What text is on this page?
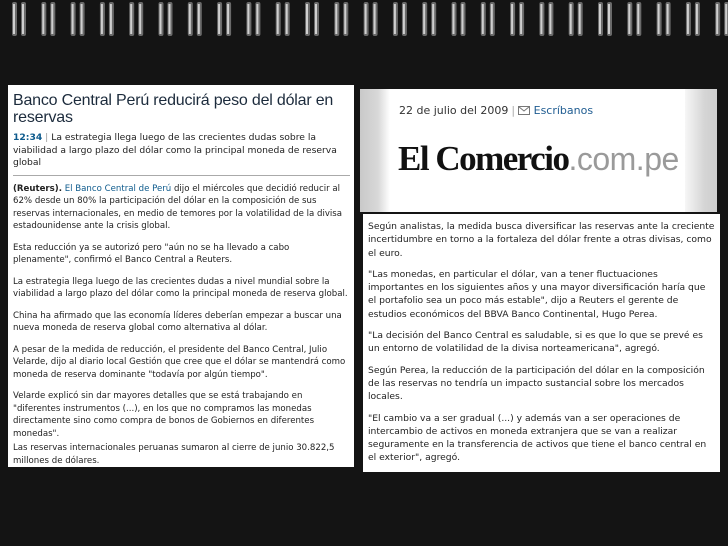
Banco Central Perú reducirá peso del dólar en reservas
12:34 | La estrategia llega luego de las crecientes dudas sobre la viabilidad a largo plazo del dólar como la principal moneda de reserva global

(Reuters). El Banco Central de Perú dijo el miércoles que decidió reducir al 62% desde un 80% la participación del dólar en la composición de sus reservas internacionales, en medio de temores por la volatilidad de la divisa estadounidense ante la crisis global.

Esta reducción ya se autorizó pero "aún no se ha llevado a cabo plenamente", confirmó el Banco Central a Reuters.

La estrategia llega luego de las crecientes dudas a nivel mundial sobre la viabilidad a largo plazo del dólar como la principal moneda de reserva global.

China ha afirmado que las economía líderes deberían empezar a buscar una nueva moneda de reserva global como alternativa al dólar.

A pesar de la medida de reducción, el presidente del Banco Central, Julio Velarde, dijo al diario local Gestión que cree que el dólar se mantendrá como moneda de reserva dominante "todavía por algún tiempo".

Velarde explicó sin dar mayores detalles que se está trabajando en "diferentes instrumentos (...), en los que no compramos las monedas directamente sino como compra de bonos de Gobiernos en diferentes monedas".

Las reservas internacionales peruanas sumaron al cierre de junio 30.822,5 millones de dólares.

22 de julio del 2009 | Escríbanos
El Comercio.com.pe

Según analistas, la medida busca diversificar las reservas ante la creciente incertidumbre en torno a la fortaleza del dólar frente a otras divisas, como el euro.

"Las monedas, en particular el dólar, van a tener fluctuaciones importantes en los siguientes años y una mayor diversificación haría que el portafolio sea un poco más estable", dijo a Reuters el gerente de estudios económicos del BBVA Banco Continental, Hugo Perea.

"La decisión del Banco Central es saludable, si es que lo que se prevé es un entorno de volatilidad de la divisa norteamericana", agregó.

Según Perea, la reducción de la participación del dólar en la composición de las reservas no tendría un impacto sustancial sobre los mercados locales.

"El cambio va a ser gradual (...) y además van a ser operaciones de intercambio de activos en moneda extranjera que se van a realizar seguramente en la transferencia de activos que tiene el banco central en el exterior", agregó.
